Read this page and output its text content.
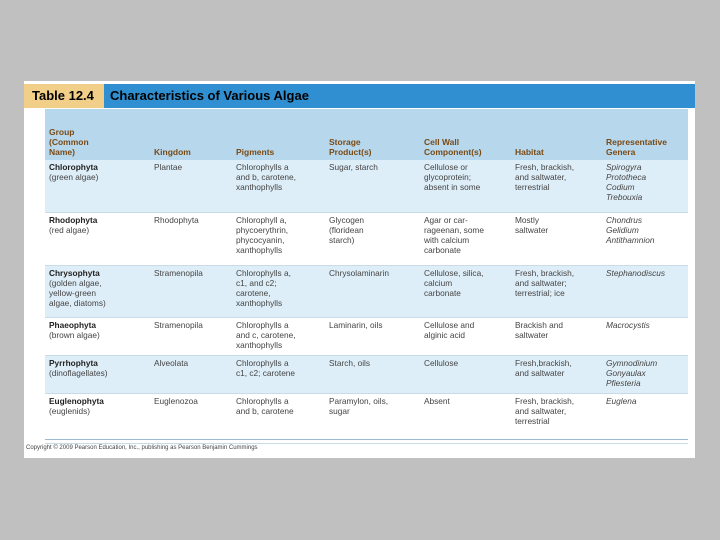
Table 12.4	Characteristics of Various Algae
Group
(Common
Name)	Kingdom	Pigments	Storage
Product(s)	Cell Wall
Component(s)	Habitat	Representative
Genera

Chlorophyta
(green algae)	Plantae	Chlorophylls a
and b, carotene,
xanthophylls	Sugar, starch	Cellulose or
glycoprotein;
absent in some	Fresh, brackish,
and saltwater,
terrestrial	Spirogyra
Prototheca
Codium
Trebouxia

Rhodophyta
(red algae)	Rhodophyta	Chlorophyll a,
phycoerythrin,
phycocyanin,
xanthophylls	Glycogen
(floridean
starch)	Agar or car-
rageenan, some
with calcium
carbonate	Mostly
saltwater	Chondrus
Gelidium
Antithamnion

Chrysophyta
(golden algae,
yellow-green
algae, diatoms)	Stramenopila	Chlorophylls a,
c1, and c2;
carotene,
xanthophylls	Chrysolaminarin	Cellulose, silica,
calcium
carbonate	Fresh, brackish,
and saltwater;
terrestrial; ice	Stephanodiscus

Phaeophyta
(brown algae)	Stramenopila	Chlorophylls a
and c, carotene,
xanthophylls	Laminarin, oils	Cellulose and
alginic acid	Brackish and
saltwater	Macrocystis

Pyrrhophyta
(dinoflagellates)	Alveolata	Chlorophylls a
c1, c2; carotene	Starch, oils	Cellulose	Fresh,brackish,
and saltwater	Gymnodinium
Gonyaulax
Pfiesteria

Euglenophyta
(euglenids)	Euglenozoa	Chlorophylls a
and b, carotene	Paramylon, oils,
sugar	Absent	Fresh, brackish,
and saltwater,
terrestrial	Euglena
Copyright © 2009 Pearson Education, Inc., publishing as Pearson Benjamin Cummings
